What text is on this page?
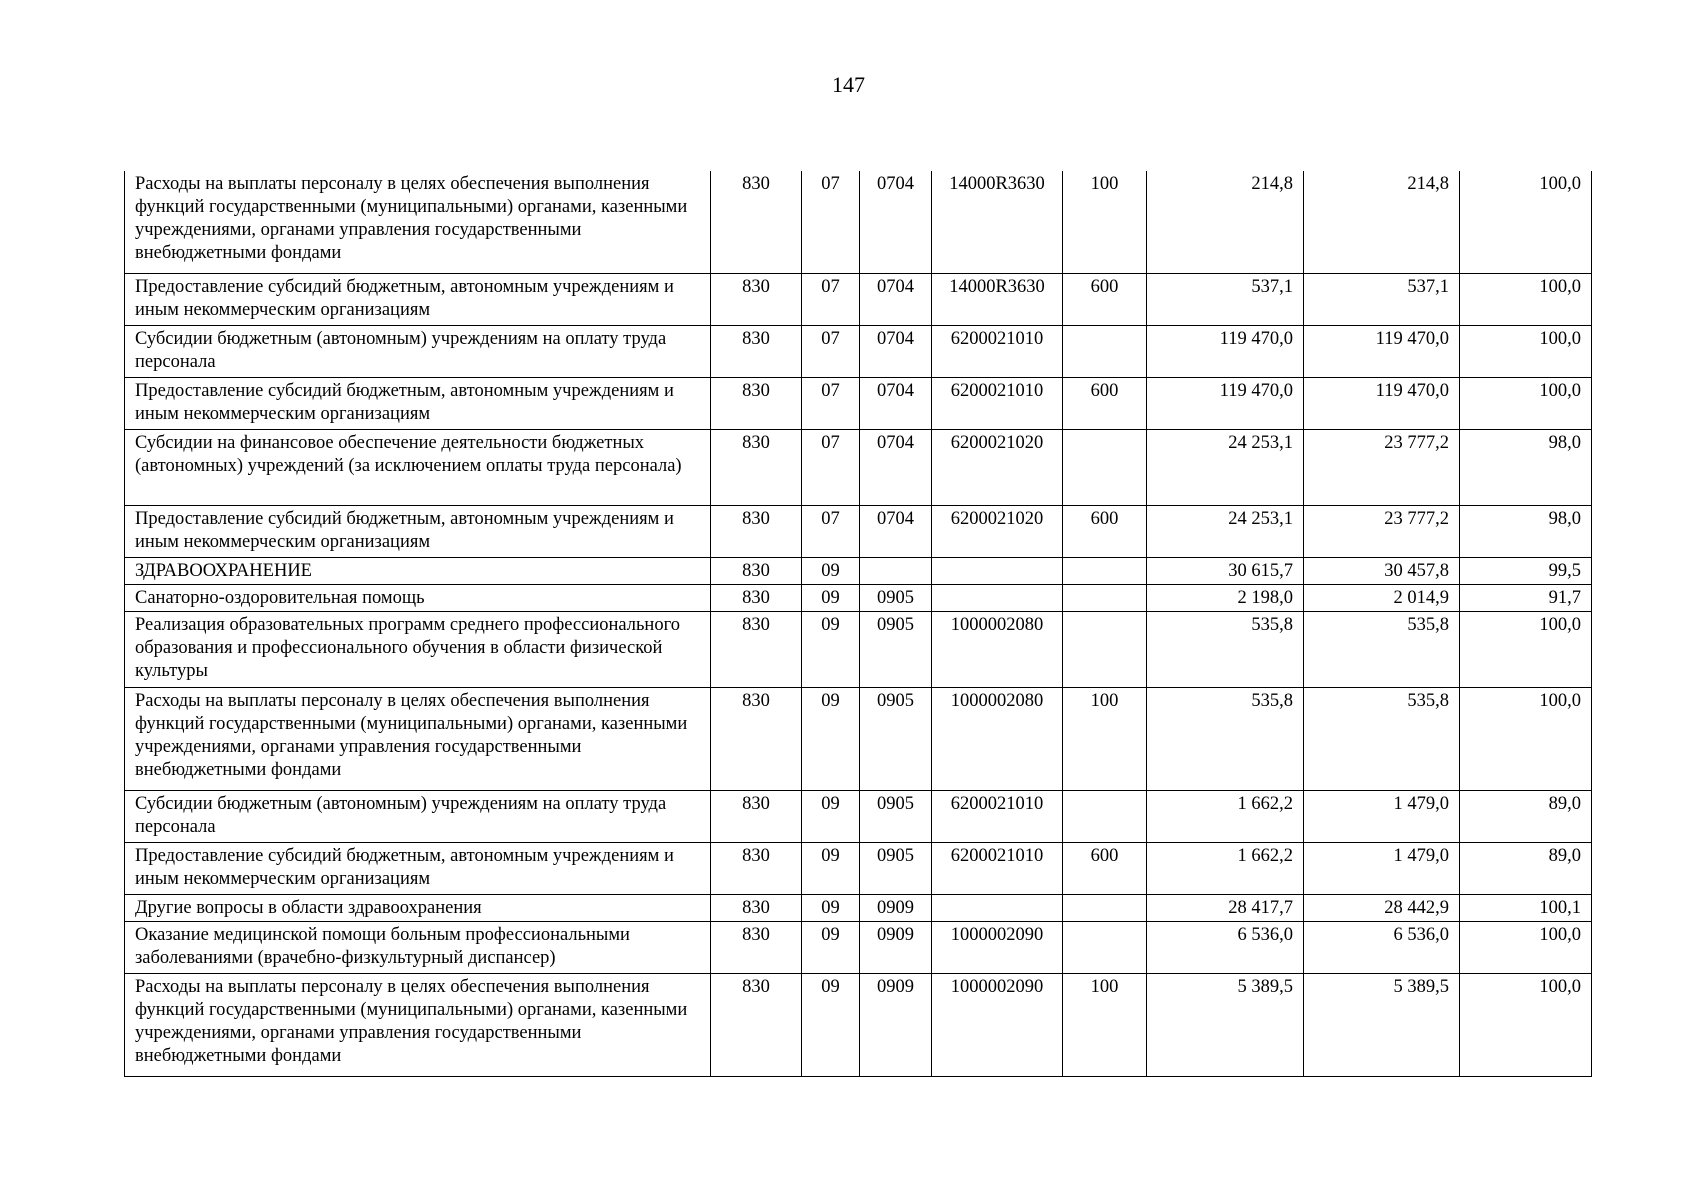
147
Расходы на выплаты персоналу в целях обеспечения выполнения функций государственными (муниципальными) органами, казенными учреждениями, органами управления государственными внебюджетными фондами	830	07	0704	14000R3630	100	214,8	214,8	100,0
Предоставление субсидий бюджетным, автономным учреждениям и иным некоммерческим организациям	830	07	0704	14000R3630	600	537,1	537,1	100,0
Субсидии бюджетным (автономным) учреждениям на оплату труда персонала	830	07	0704	6200021010		119 470,0	119 470,0	100,0
Предоставление субсидий бюджетным, автономным учреждениям и иным некоммерческим организациям	830	07	0704	6200021010	600	119 470,0	119 470,0	100,0
Субсидии на финансовое обеспечение деятельности бюджетных (автономных) учреждений (за исключением оплаты труда персонала)	830	07	0704	6200021020		24 253,1	23 777,2	98,0
Предоставление субсидий бюджетным, автономным учреждениям и иным некоммерческим организациям	830	07	0704	6200021020	600	24 253,1	23 777,2	98,0
ЗДРАВООХРАНЕНИЕ	830	09				30 615,7	30 457,8	99,5
Санаторно-оздоровительная помощь	830	09	0905			2 198,0	2 014,9	91,7
Реализация образовательных программ среднего профессионального образования и профессионального обучения в области физической культуры	830	09	0905	1000002080		535,8	535,8	100,0
Расходы на выплаты персоналу в целях обеспечения выполнения функций государственными (муниципальными) органами, казенными учреждениями, органами управления государственными внебюджетными фондами	830	09	0905	1000002080	100	535,8	535,8	100,0
Субсидии бюджетным (автономным) учреждениям на оплату труда персонала	830	09	0905	6200021010		1 662,2	1 479,0	89,0
Предоставление субсидий бюджетным, автономным учреждениям и иным некоммерческим организациям	830	09	0905	6200021010	600	1 662,2	1 479,0	89,0
Другие вопросы в области здравоохранения	830	09	0909			28 417,7	28 442,9	100,1
Оказание медицинской помощи больным профессиональными заболеваниями (врачебно-физкультурный диспансер)	830	09	0909	1000002090		6 536,0	6 536,0	100,0
Расходы на выплаты персоналу в целях обеспечения выполнения функций государственными (муниципальными) органами, казенными учреждениями, органами управления государственными внебюджетными фондами	830	09	0909	1000002090	100	5 389,5	5 389,5	100,0
